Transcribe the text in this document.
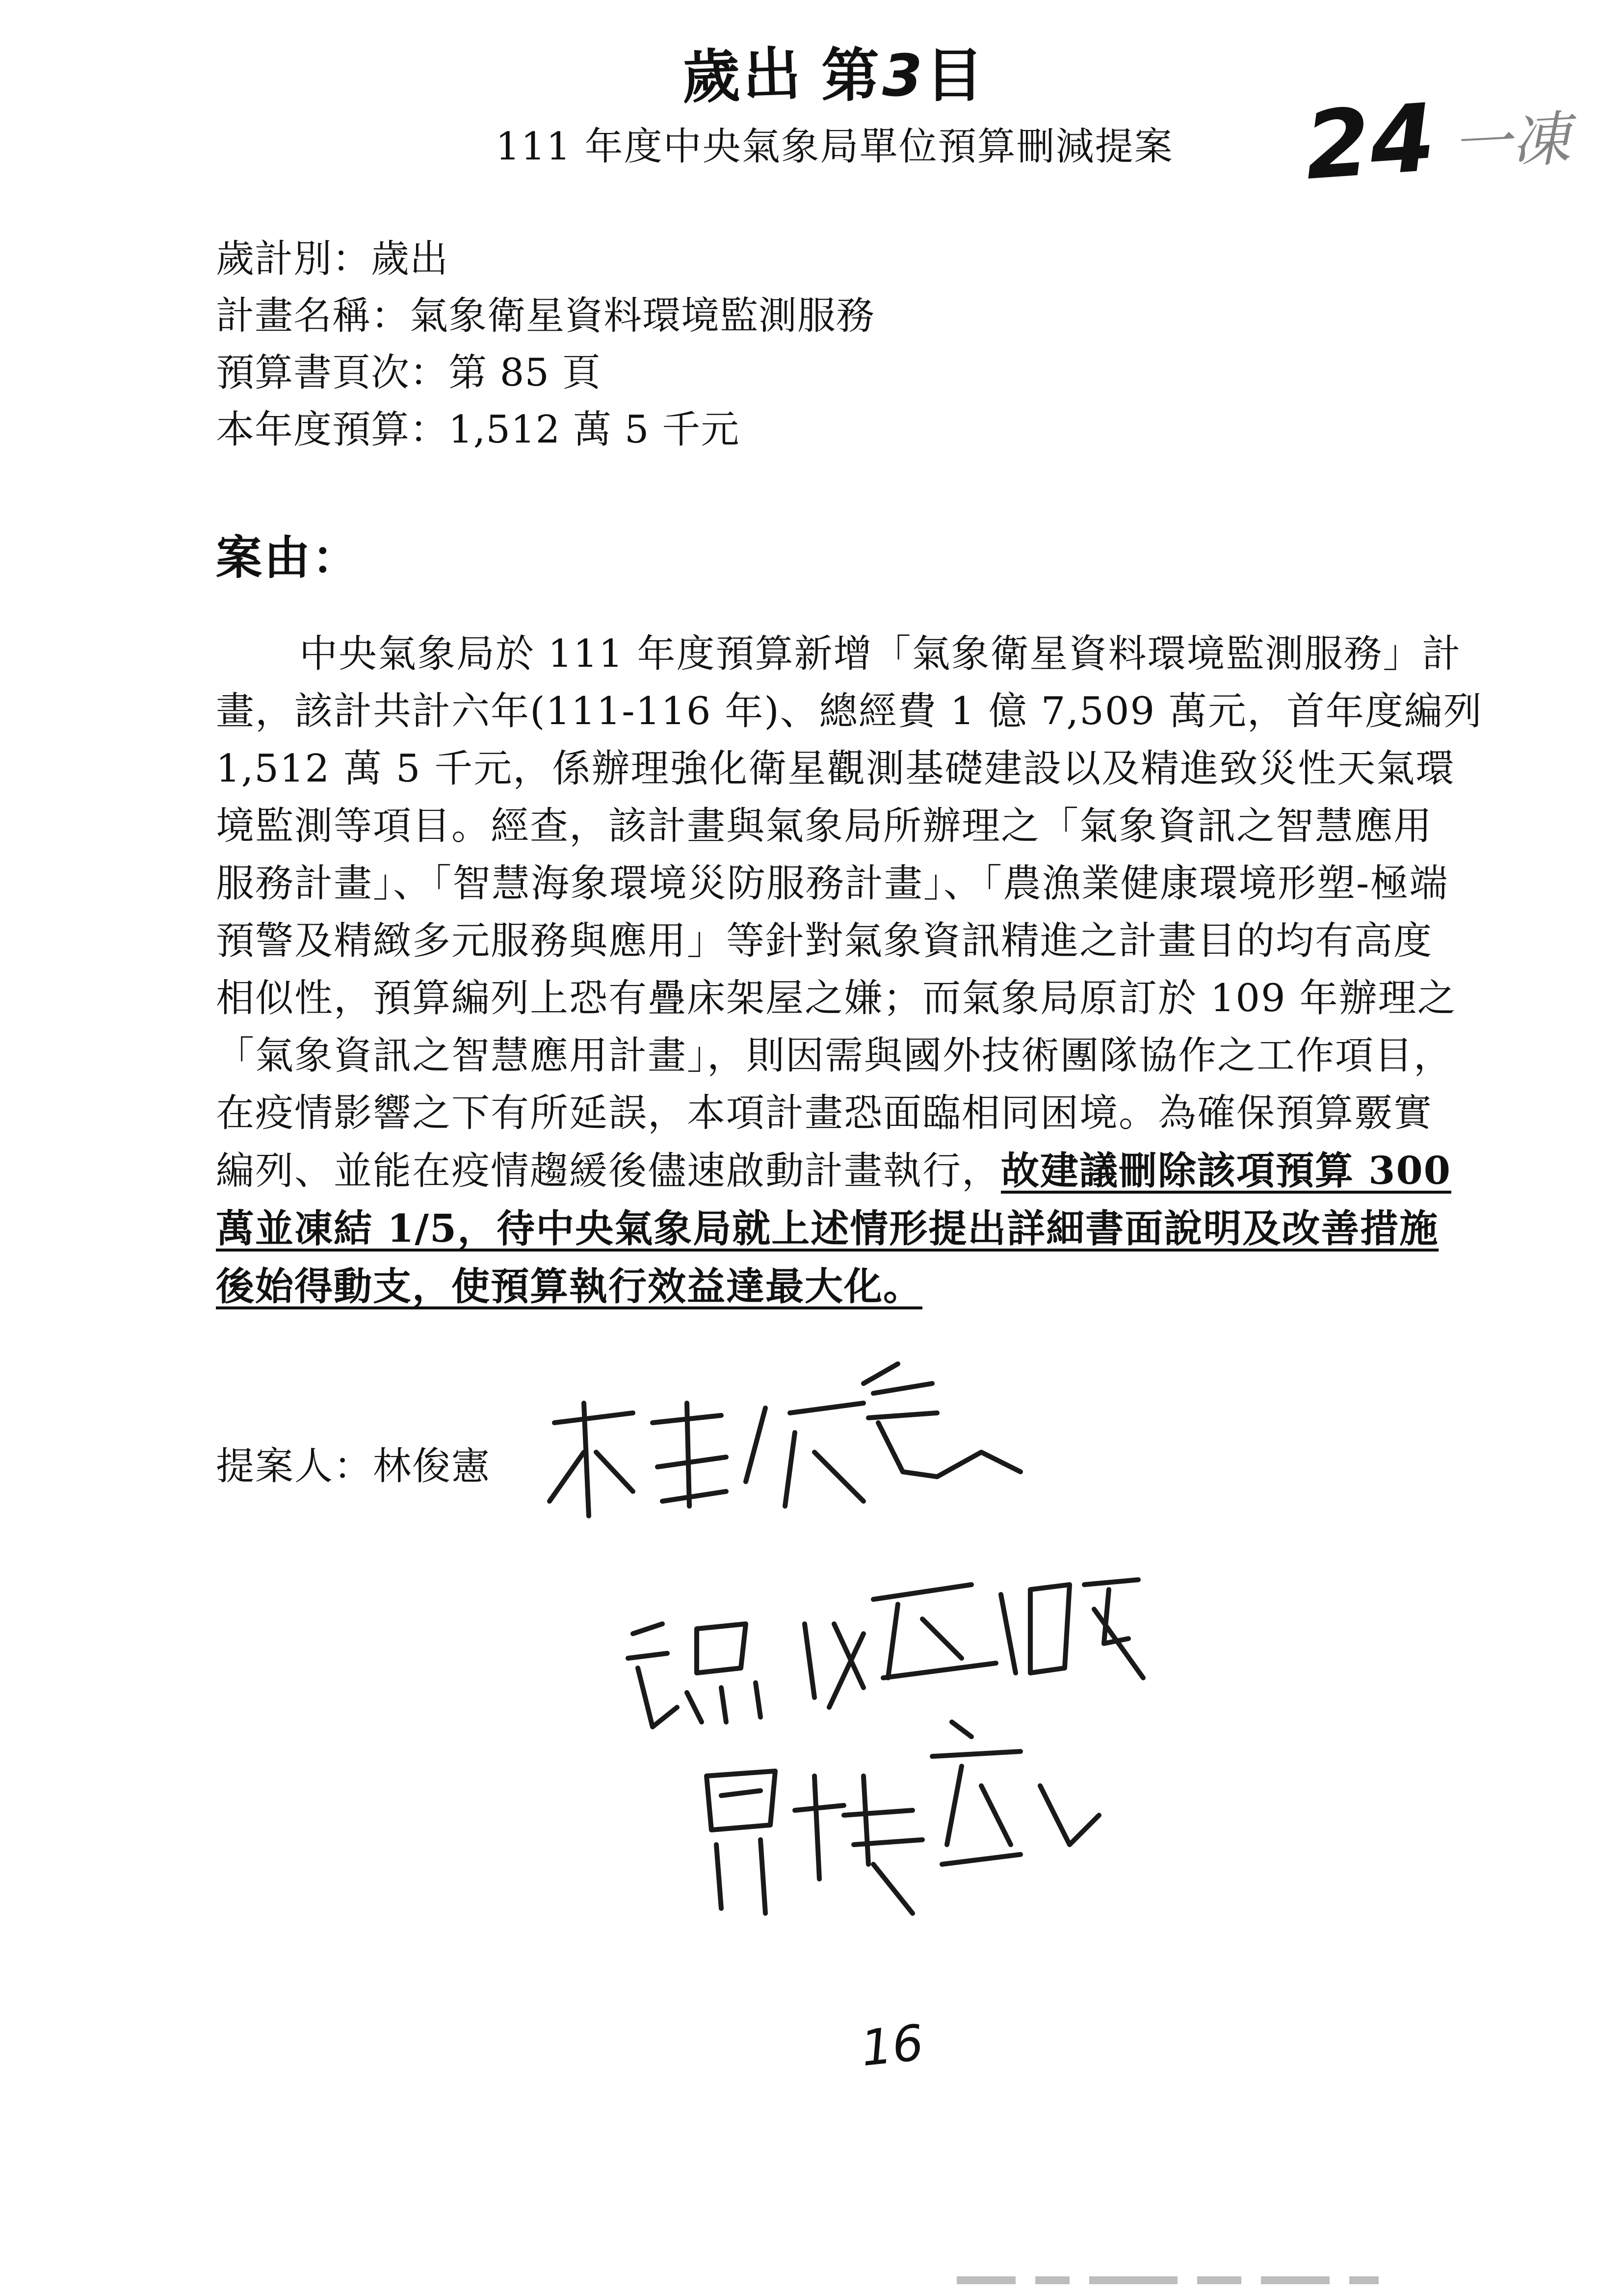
歲出 第3目
111 年度中央氣象局單位預算刪減提案 24 一凍
歲計別：歲出
計畫名稱：氣象衛星資料環境監測服務
預算書頁次：第 85 頁
本年度預算：1,512 萬 5 千元
案由：
中央氣象局於 111 年度預算新增「氣象衛星資料環境監測服務」計
畫，該計共計六年(111-116 年)、總經費 1 億 7,509 萬元，首年度編列
1,512 萬 5 千元，係辦理強化衛星觀測基礎建設以及精進致災性天氣環
境監測等項目。經查，該計畫與氣象局所辦理之「氣象資訊之智慧應用
服務計畫」、「智慧海象環境災防服務計畫」、「農漁業健康環境形塑-極端
預警及精緻多元服務與應用」等針對氣象資訊精進之計畫目的均有高度
相似性，預算編列上恐有疊床架屋之嫌；而氣象局原訂於 109 年辦理之
「氣象資訊之智慧應用計畫」，則因需與國外技術團隊協作之工作項目，
在疫情影響之下有所延誤，本項計畫恐面臨相同困境。為確保預算覈實
編列、並能在疫情趨緩後儘速啟動計畫執行，故建議刪除該項預算 300
萬並凍結 1/5，待中央氣象局就上述情形提出詳細書面說明及改善措施
後始得動支，使預算執行效益達最大化。
提案人：林俊憲
16
